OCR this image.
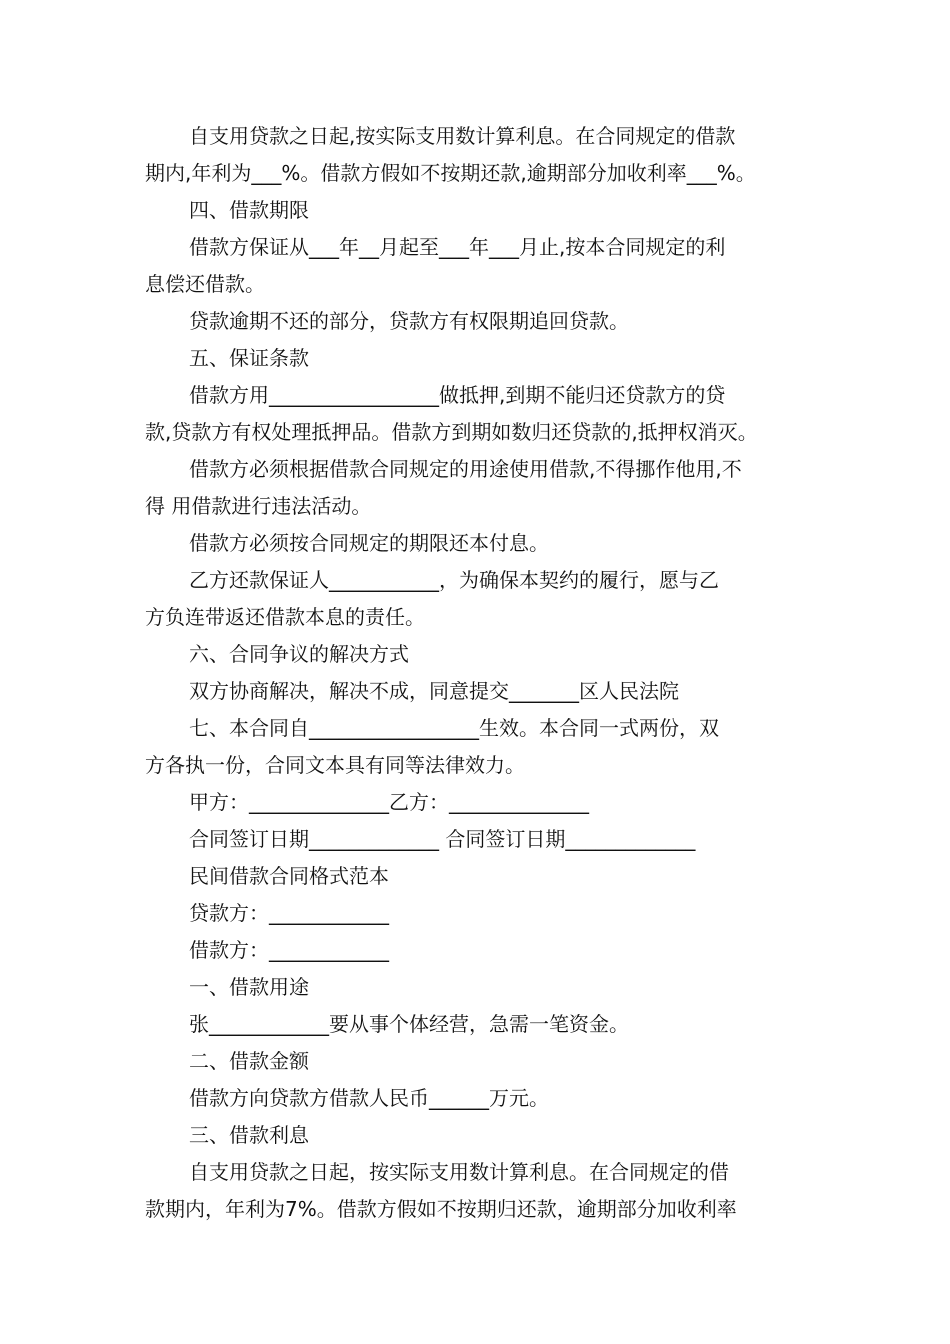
自支用贷款之日起,按实际支用数计算利息。在合同规定的借款

期内,年利为___%。借款方假如不按期还款,逾期部分加收利率___%。

四、借款期限

借款方保证从___年__月起至___年___月止,按本合同规定的利

息偿还借款。

贷款逾期不还的部分，贷款方有权限期追回贷款。

五、保证条款

借款方用_________________做抵押,到期不能归还贷款方的贷

款,贷款方有权处理抵押品。借款方到期如数归还贷款的,抵押权消灭。

借款方必须根据借款合同规定的用途使用借款,不得挪作他用,不

得 用借款进行违法活动。

借款方必须按合同规定的期限还本付息。

乙方还款保证人___________，为确保本契约的履行，愿与乙

方负连带返还借款本息的责任。

六、合同争议的解决方式

双方协商解决，解决不成，同意提交_______区人民法院

七、本合同自_________________生效。本合同一式两份，双

方各执一份，合同文本具有同等法律效力。

甲方：______________乙方：______________

合同签订日期_____________ 合同签订日期_____________

民间借款合同格式范本

贷款方：____________

借款方：____________

一、借款用途

张____________要从事个体经营，急需一笔资金。

二、借款金额

借款方向贷款方借款人民币______万元。

三、借款利息

自支用贷款之日起，按实际支用数计算利息。在合同规定的借

款期内，年利为7%。借款方假如不按期归还款，逾期部分加收利率
